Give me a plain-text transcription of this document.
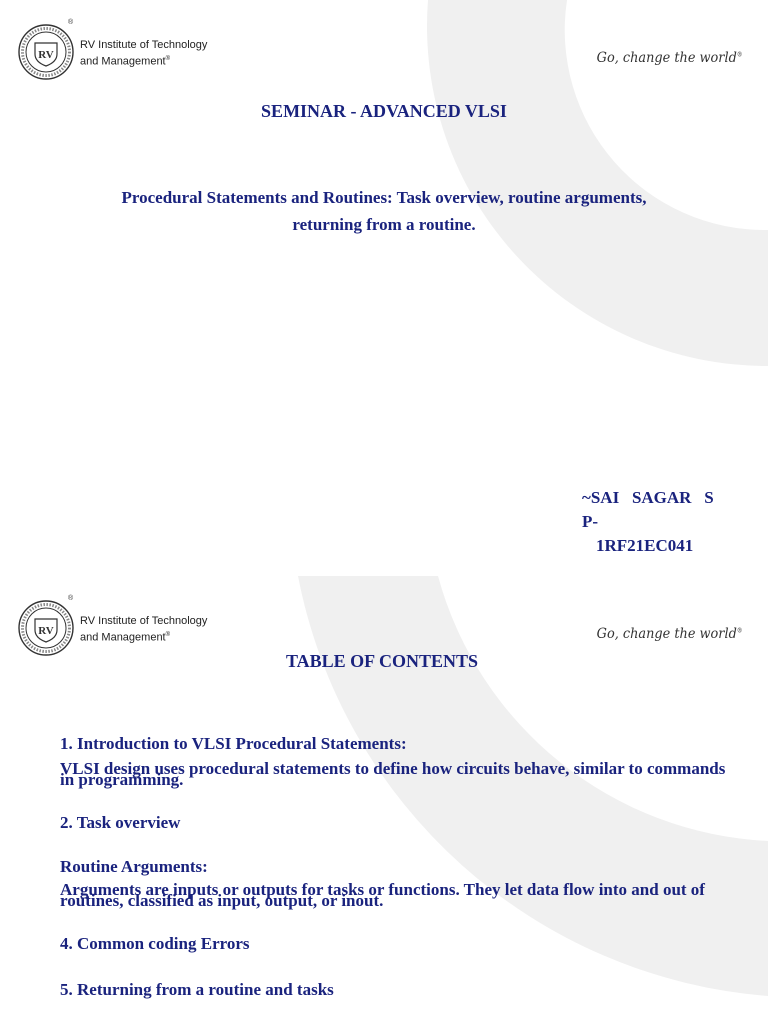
RV
®
RV Institute of Technology
and Management®	Go, change the world®
SEMINAR - ADVANCED VLSI
Procedural Statements and Routines: Task overview, routine arguments,
returning from a routine.
~SAI   SAGAR   S
P-
1RF21EC041
RV
®
RV Institute of Technology
and Management®	Go, change the world®
TABLE OF CONTENTS
1. Introduction to VLSI Procedural Statements:
VLSI design uses procedural statements to define how circuits behave, similar to commands in programming.
2. Task overview
Routine Arguments:
Arguments are inputs or outputs for tasks or functions. They let data flow into and out of routines, classified as input, output, or inout.
4. Common coding Errors
5. Returning from a routine and tasks
